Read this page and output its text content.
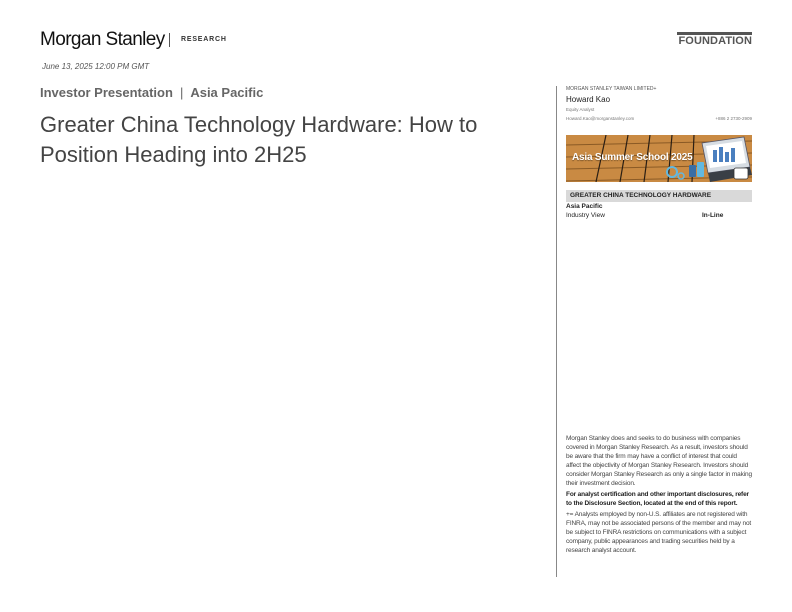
Morgan Stanley RESEARCH	FOUNDATION
June 13, 2025 12:00 PM GMT
Investor Presentation | Asia Pacific
Greater China Technology Hardware: How to Position Heading into 2H25
MORGAN STANLEY TAIWAN LIMITED+
Howard Kao
Equity Analyst
Howard.Kao@morganstanley.com	+886 2 2730-2909
Asia Summer School 2025
GREATER CHINA TECHNOLOGY HARDWARE
Asia Pacific
Industry View	In-Line

Morgan Stanley does and seeks to do business with companies covered in Morgan Stanley Research. As a result, investors should be aware that the firm may have a conflict of interest that could affect the objectivity of Morgan Stanley Research. Investors should consider Morgan Stanley Research as only a single factor in making their investment decision.

For analyst certification and other important disclosures, refer to the Disclosure Section, located at the end of this report.

+= Analysts employed by non-U.S. affiliates are not registered with FINRA, may not be associated persons of the member and may not be subject to FINRA restrictions on communications with a subject company, public appearances and trading securities held by a research analyst account.
